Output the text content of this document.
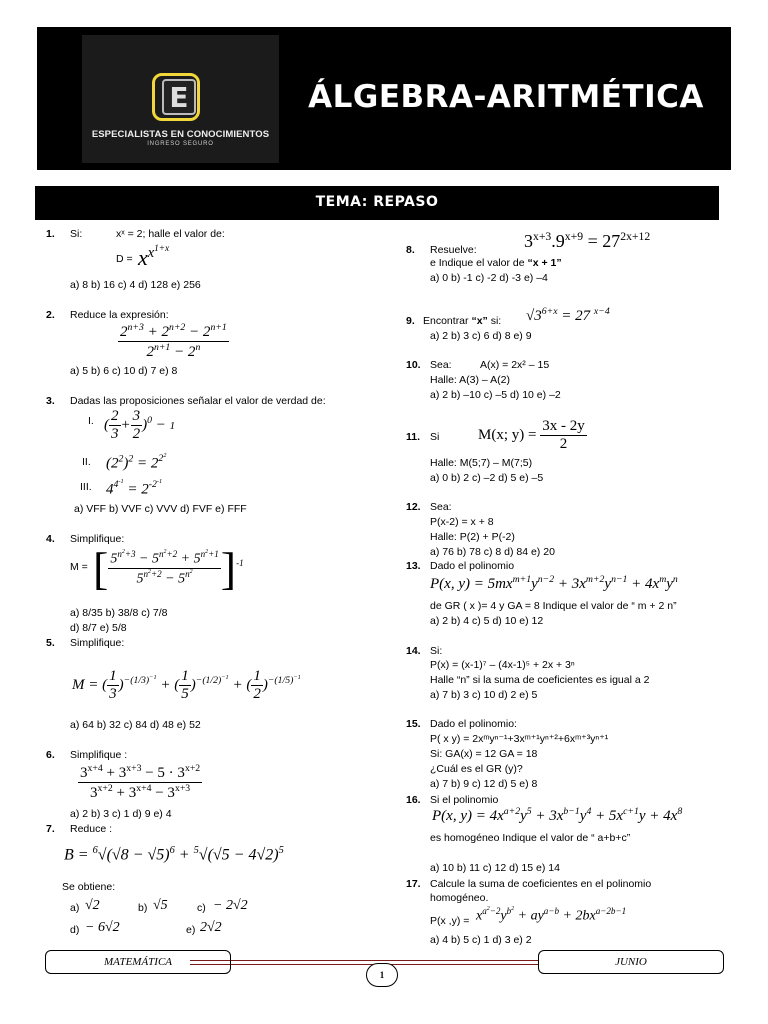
E
ESPECIALISTAS EN CONOCIMIENTOS
INGRESO SEGURO
ÁLGEBRA-ARITMÉTICA
TEMA: REPASO
1. Si:	xˣ = 2; halle el valor de:
$D = x^{x^{1+x}}$
a) 8 b) 16 c) 4 d) 128 e) 256
2. Reduce la expresión:
$\frac{2^{n+3} + 2^{n+2} - 2^{n+1}}{2^{n+1} - 2^n}$
a) 5 b) 6 c) 10 d) 7 e) 8
3. Dadas las proposiciones señalar el valor de verdad de:
I. ( $\frac{2}{3} + \frac{3}{2} )^0 - 1$
II. $(2^2)^2 = 2^{2^2}$
III. $4^{4^{-1}} = 2^{-2^{-1}}$
a) VFF b) VVF c) VVV d) FVF e) FFF
4. Simplifique:
M = [ $\frac{5^{n^2+3} - 5^{n^2+2} + 5^{n^2+1}}{5^{n^2+2} - 5^{n^2}} ]^{-1}$
a) 8/35 b) 38/8 c) 7/8
d) 8/7 e) 5/8
5. Simplifique:
M = ( $\frac{1}{3} )^{-(1/3)^{-1}}$ + ( $\frac{1}{5} )^{-(1/2)^{-1}}$ + ( $\frac{1}{2} )^{-(1/5)^{-1}}$
a) 64 b) 32 c) 84 d) 48 e) 52
6. Simplifique :
$\frac{3^{x+4} + 3^{x+3} - 5 \cdot 3^{x+2}}{3^{x+2} + 3^{x+4} - 3^{x+3}}$
a) 2 b) 3 c) 1 d) 9 e) 4
7. Reduce :
$B = ^6√(√8 - √5)^6 + ^5√(√5 - 4√2)^5$
Se obtiene:
a) √2	b) √5	c) − 2√2
d) − 6√2	e) 2√2
8. Resuelve:	$3^{x+3}.9^{x+9} = 27^{2x+12}$
e Indique el valor de “x + 1”
a) 0 b) -1 c) -2 d) -3 e) –4
9. Encontrar “x” si: $√3^{6+x} = 27$ $^{x-4}$
a) 2 b) 3 c) 6 d) 8 e) 9
10. Sea:	A(x) = 2x² – 15
Halle: A(3) – A(2)
a) 2 b) –10 c) –5 d) 10 e) –2
11. Si	M(x; $y) = \frac{3x - 2y}{2}$
Halle: M(5;7) – M(7;5)
a) 0 b) 2 c) –2 d) 5 e) –5
12. Sea:
P(x-2) = x + 8
Halle: P(2) + P(-2)
a) 76 b) 78 c) 8 d) 84 e) 20
13. Dado el polinomio
P(x, $y) = 5mx^{m+1}y^{n-2} + 3x^{m+2}y^{n-1} + 4x^my^n$
de GR ( x )= 4 y GA = 8 Indique el valor de “ m + 2 n”
a) 2 b) 4 c) 5 d) 10 e) 12
14. Si:
P(x) = (x-1)⁷ – (4x-1)⁵ + 2x + 3ⁿ
Halle “n” si la suma de coeficientes es igual a 2
a) 7 b) 3 c) 10 d) 2 e) 5
15. Dado el polinomio:
P( x y) = 2xᵐyⁿ⁻¹+3xᵐ⁺¹yⁿ⁺²+6xᵐ⁺³yⁿ⁺¹
Si: GA(x) = 12 GA = 18
¿Cuál es el GR (y)?
a) 7 b) 9 c) 12 d) 5 e) 8
16. Si el polinomio
P(x, $y) = 4x^{a+2}y^5 + 3x^{b-1}y^4 + 5x^{c+1}y + 4x^8$
es homogéneo Indique el valor de “ a+b+c”
a) 10 b) 11 c) 12 d) 15 e) 14
17. Calcule la suma de coeficientes en el polinomio
homogéneo.
P(x $,y) = x^{a^2-2}y^{b^2} + ay^{a-b} + 2bx^{a-2b-1}$
a) 4 b) 5 c) 1 d) 3 e) 2
MATEMÁTICA	JUNIO
1
